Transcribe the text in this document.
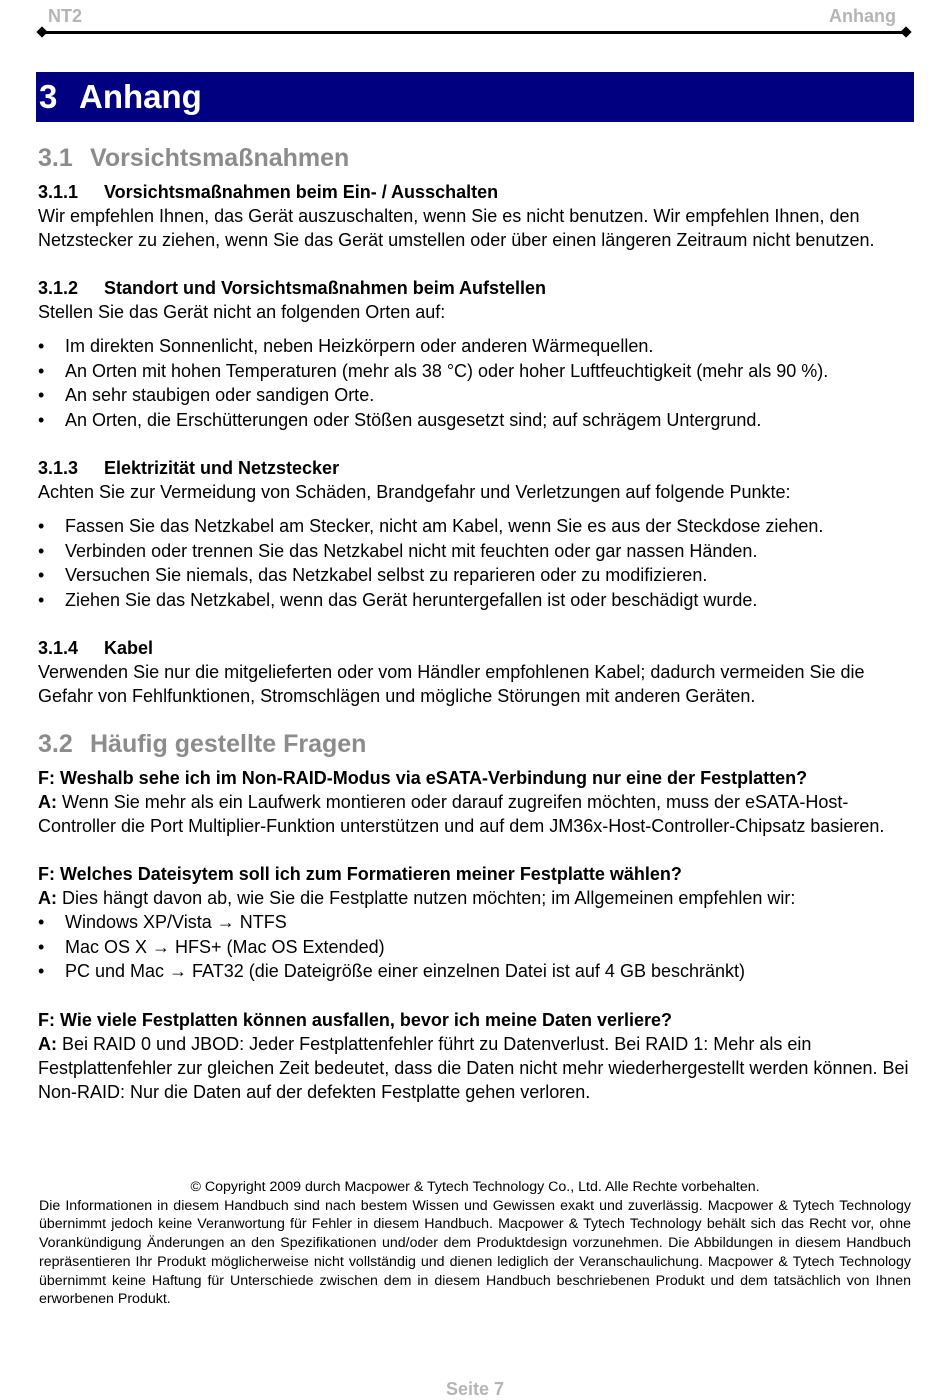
NT2	Anhang
3 Anhang
3.1 Vorsichtsmaßnahmen
3.1.1 Vorsichtsmaßnahmen beim Ein- / Ausschalten

Wir empfehlen Ihnen, das Gerät auszuschalten, wenn Sie es nicht benutzen. Wir empfehlen Ihnen, den Netzstecker zu ziehen, wenn Sie das Gerät umstellen oder über einen längeren Zeitraum nicht benutzen.

3.1.2 Standort und Vorsichtsmaßnahmen beim Aufstellen

Stellen Sie das Gerät nicht an folgenden Orten auf:

• Im direkten Sonnenlicht, neben Heizkörpern oder anderen Wärmequellen.
• An Orten mit hohen Temperaturen (mehr als 38 °C) oder hoher Luftfeuchtigkeit (mehr als 90 %).
• An sehr staubigen oder sandigen Orte.
• An Orten, die Erschütterungen oder Stößen ausgesetzt sind; auf schrägem Untergrund.
3.1.3 Elektrizität und Netzstecker

Achten Sie zur Vermeidung von Schäden, Brandgefahr und Verletzungen auf folgende Punkte:

• Fassen Sie das Netzkabel am Stecker, nicht am Kabel, wenn Sie es aus der Steckdose ziehen.
• Verbinden oder trennen Sie das Netzkabel nicht mit feuchten oder gar nassen Händen.
• Versuchen Sie niemals, das Netzkabel selbst zu reparieren oder zu modifizieren.
• Ziehen Sie das Netzkabel, wenn das Gerät heruntergefallen ist oder beschädigt wurde.
3.1.4 Kabel

Verwenden Sie nur die mitgelieferten oder vom Händler empfohlenen Kabel; dadurch vermeiden Sie die Gefahr von Fehlfunktionen, Stromschlägen und mögliche Störungen mit anderen Geräten.

3.2 Häufig gestellte Fragen

F: Weshalb sehe ich im Non-RAID-Modus via eSATA-Verbindung nur eine der Festplatten?

A: Wenn Sie mehr als ein Laufwerk montieren oder darauf zugreifen möchten, muss der eSATA-Host-Controller die Port Multiplier-Funktion unterstützen und auf dem JM36x-Host-Controller-Chipsatz basieren.

F: Welches Dateisytem soll ich zum Formatieren meiner Festplatte wählen?

A: Dies hängt davon ab, wie Sie die Festplatte nutzen möchten; im Allgemeinen empfehlen wir:

• Windows XP/Vista → NTFS
• Mac OS X → HFS+ (Mac OS Extended)
• PC und Mac → FAT32 (die Dateigröße einer einzelnen Datei ist auf 4 GB beschränkt)

F: Wie viele Festplatten können ausfallen, bevor ich meine Daten verliere?

A: Bei RAID 0 und JBOD: Jeder Festplattenfehler führt zu Datenverlust. Bei RAID 1: Mehr als ein Festplattenfehler zur gleichen Zeit bedeutet, dass die Daten nicht mehr wiederhergestellt werden können. Bei Non-RAID: Nur die Daten auf der defekten Festplatte gehen verloren.

© Copyright 2009 durch Macpower & Tytech Technology Co., Ltd. Alle Rechte vorbehalten.
Die Informationen in diesem Handbuch sind nach bestem Wissen und Gewissen exakt und zuverlässig. Macpower & Tytech Technology übernimmt jedoch keine Veranwortung für Fehler in diesem Handbuch. Macpower & Tytech Technology behält sich das Recht vor, ohne Vorankündigung Änderungen an den Spezifikationen und/oder dem Produktdesign vorzunehmen. Die Abbildungen in diesem Handbuch repräsentieren Ihr Produkt möglicherweise nicht vollständig und dienen lediglich der Veranschaulichung. Macpower & Tytech Technology übernimmt keine Haftung für Unterschiede zwischen dem in diesem Handbuch beschriebenen Produkt und dem tatsächlich von Ihnen erworbenen Produkt.
Seite 7
